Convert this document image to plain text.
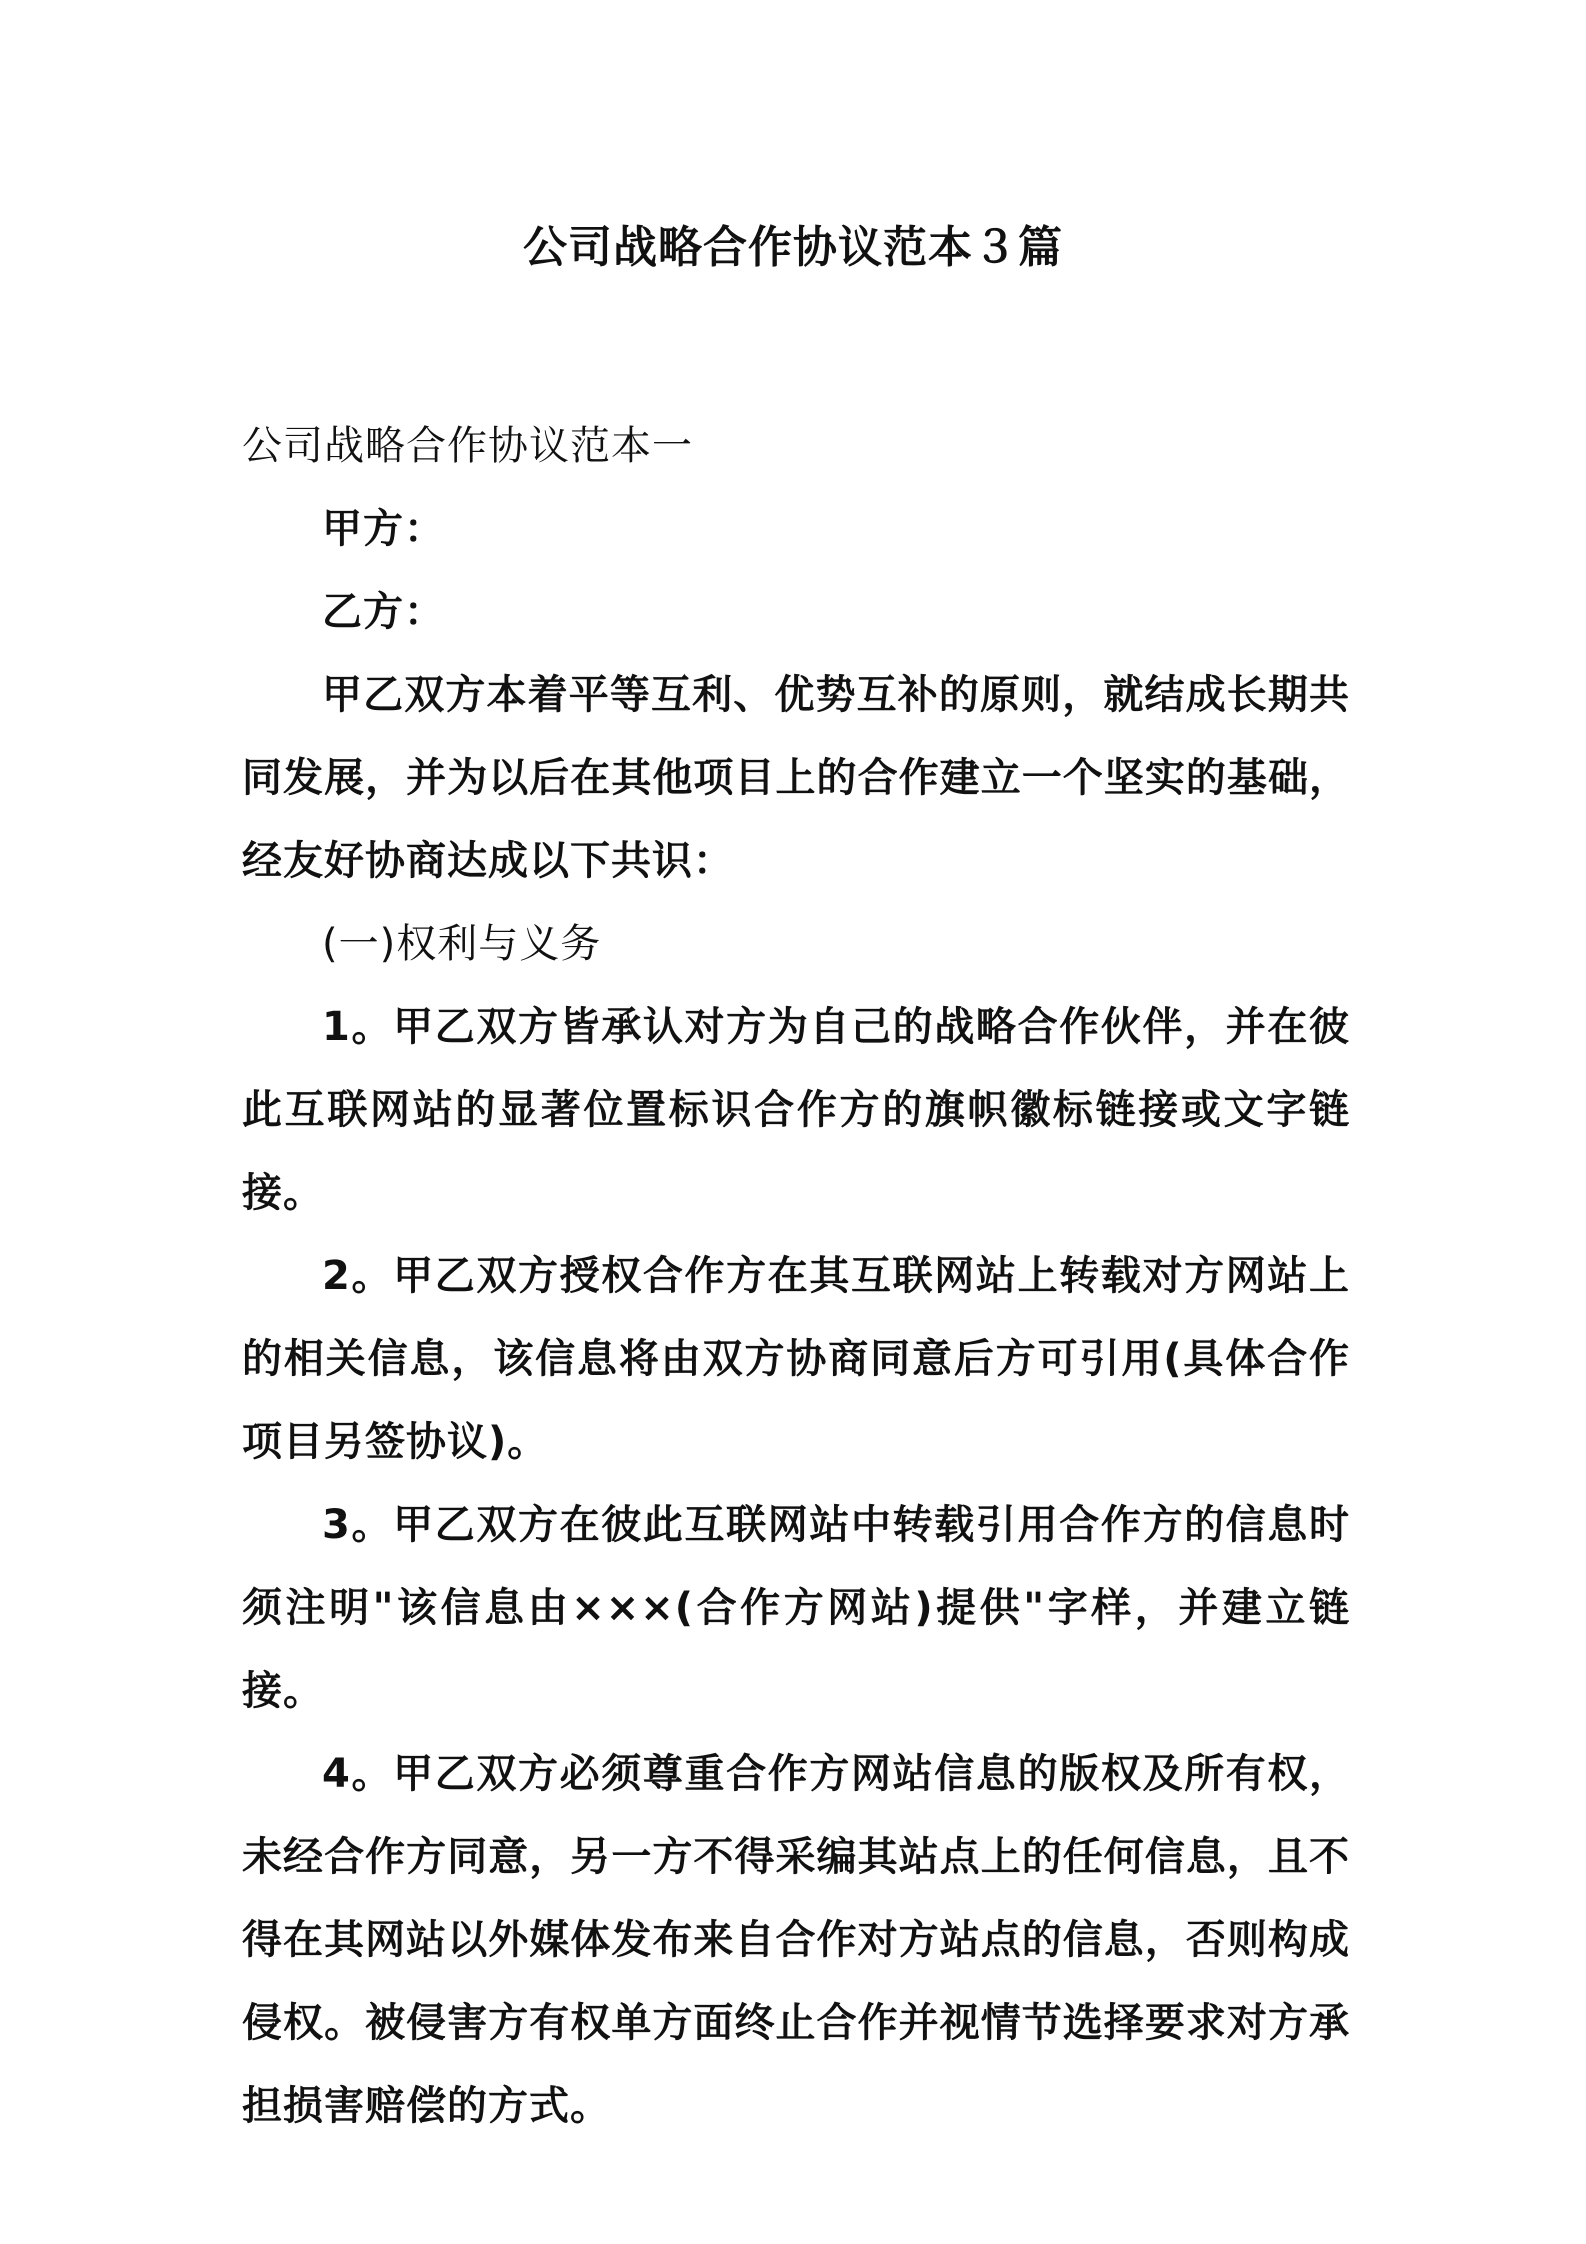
公司战略合作协议范本３篇

公司战略合作协议范本一

甲方：

乙方：

甲乙双方本着平等互利、优势互补的原则，就结成长期共同发展，并为以后在其他项目上的合作建立一个坚实的基础，经友好协商达成以下共识：

(一)权利与义务

1。甲乙双方皆承认对方为自己的战略合作伙伴，并在彼此互联网站的显著位置标识合作方的旗帜徽标链接或文字链接。

2。甲乙双方授权合作方在其互联网站上转载对方网站上的相关信息，该信息将由双方协商同意后方可引用(具体合作项目另签协议)。

3。甲乙双方在彼此互联网站中转载引用合作方的信息时须注明"该信息由×××(合作方网站)提供"字样，并建立链接。

4。甲乙双方必须尊重合作方网站信息的版权及所有权，未经合作方同意，另一方不得采编其站点上的任何信息，且不得在其网站以外媒体发布来自合作对方站点的信息，否则构成侵权。被侵害方有权单方面终止合作并视情节选择要求对方承担损害赔偿的方式。
